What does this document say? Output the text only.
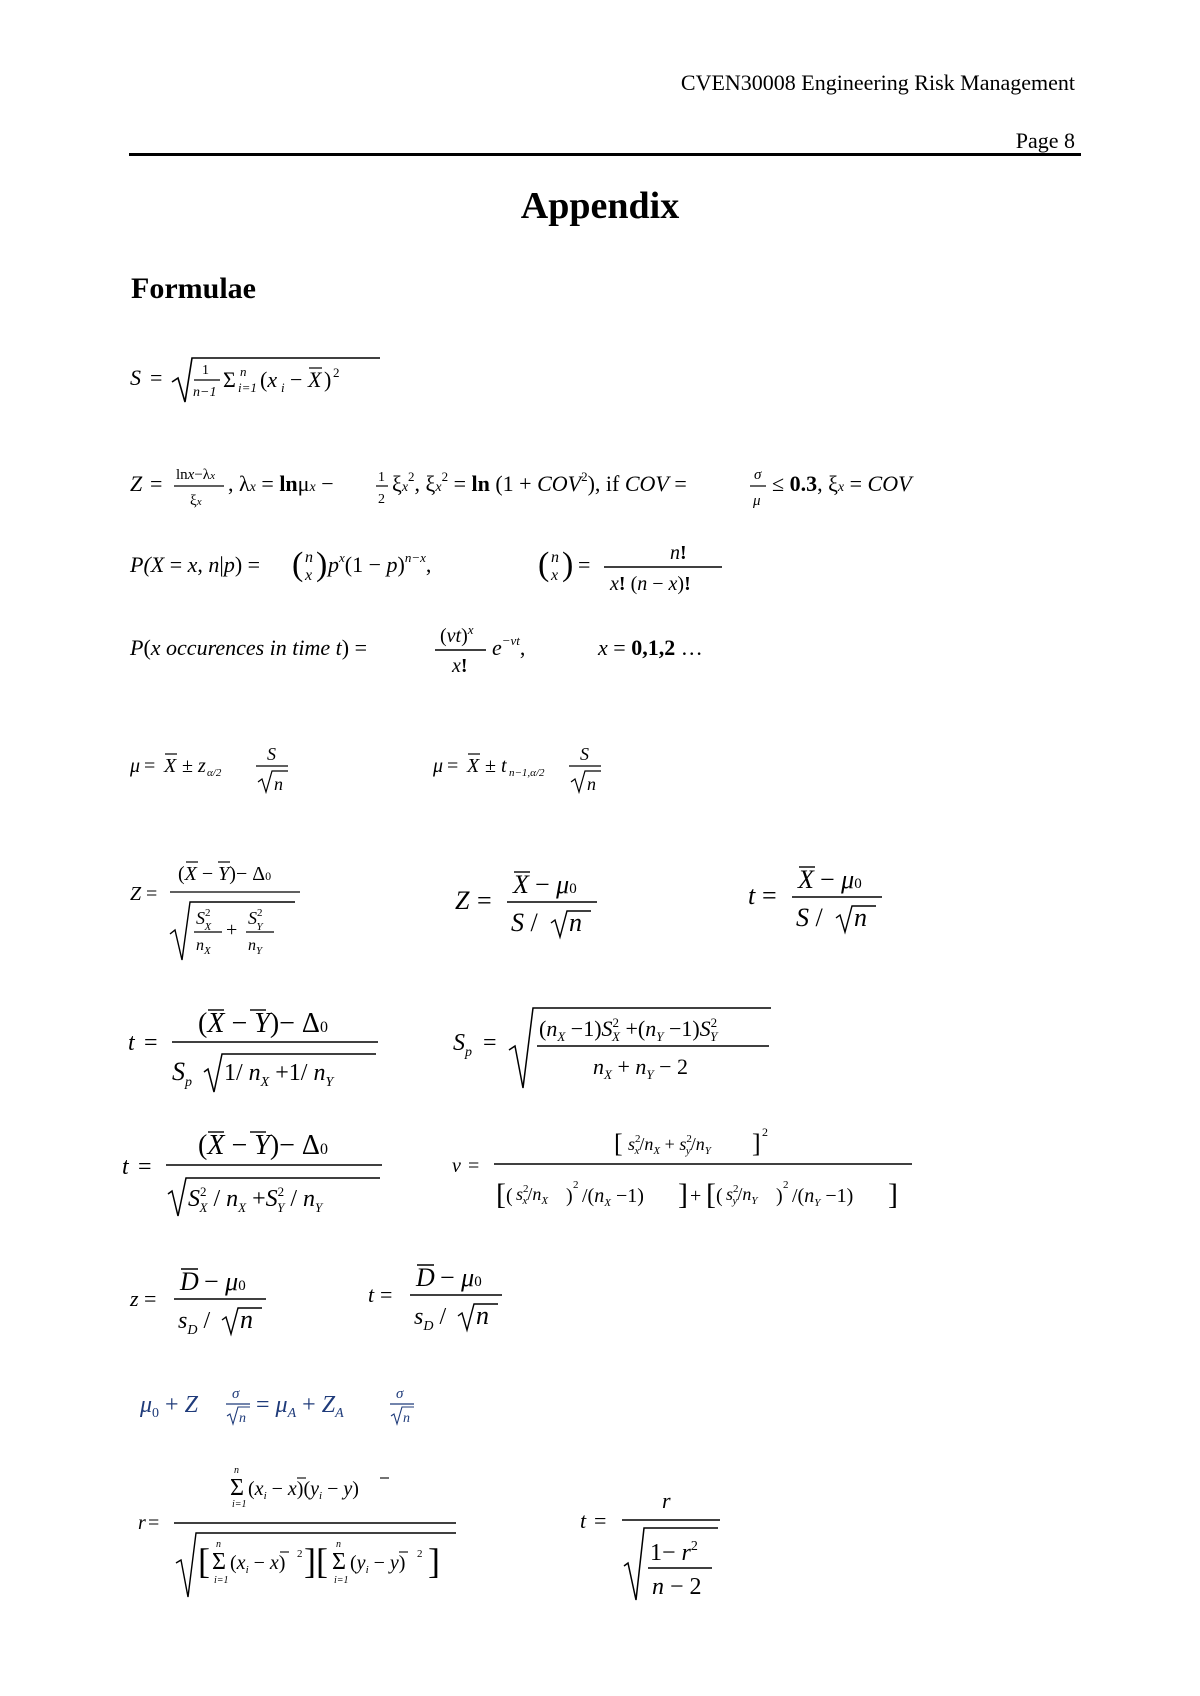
CVEN30008 Engineering Risk Management
Page 8
Appendix
Formulae
S =	1
n−1
Σ n
i=1 (x i − X ) 2
Z = lnx−λx
ξx
, λx = lnμx −	1
2
$\xi x^2$, $\xi x^2 = \ln (1 + COV^2)$, if COV =	σ
μ
≤ 0.3, ξx = COV
P(X = x, n|p) = ( n
x ) $p^x(1 - p)^{n-x}$,	( n
x ) =	n!
x! (n − x)!
P(x occurences in time t) =	$(\nu t)^x$
x!
$e^{-\nu t}$,	x = 0,1,2 …
μ = X ± z α/2
S
n
μ = X ± t n−1,α/2
S
n
Z =
(X − Y)− Δ0
$S^2$ X
$n_X$
+
$S^2$ Y
$n_Y$
Z =
X − μ0
S / n
t =
X − μ0
S / n
t =
(X − Y)− Δ0
$S_p$ 1/ $n_X +1/$ $n_Y$
$S_p$ =
$(n_X -1)S^2$ $X +(n_Y -1)S^2$ Y
$n_X + n_Y - 2$
t =
(X − Y)− Δ0
$S^2$ $X / n_X +S^2$ Y / $n_Y$
ν =
[ $s^2$ $x/n_X + s^2$ $y/n_Y$ ] 2
[ ( $s^2$ $x/n_X$ ) 2 $/(n_X -1)$ ] + [ ( $s^2$ $y/n_Y$ ) 2 $/(n_Y -1)$ ]
z =
D − μ0
$s_D$ / n
t =
D − μ0
$s_D$ / n
$\mu_0 + Z$ σ
n
= $\mu_A + Z_A$
σ
n
r =
n
Σ
i=1
$(x_i - x)(y_i - y)$
[ n
Σ
i=1
$(x_i - x)$ 2 ][ n
Σ
i=1
$(y_i - y)$ 2 ]
t =
r
$1- r^2$
n − 2
